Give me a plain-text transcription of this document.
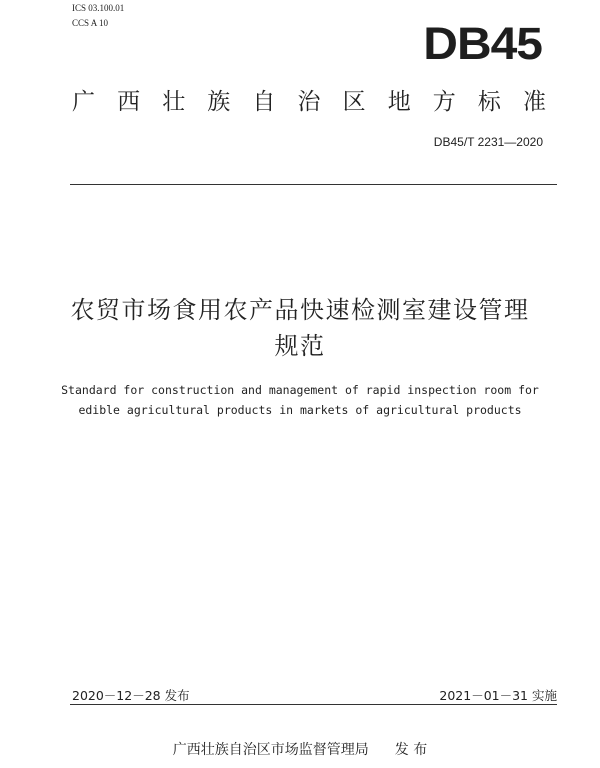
ICS 03.100.01
CCS A 10	DB45
广 西 壮 族 自 治 区 地 方 标 准
DB45/T 2231—2020
农贸市场食用农产品快速检测室建设管理
规范
Standard for construction and management of rapid inspection room for
edible agricultural products in markets of agricultural products
2020－12－28 发布	2021－01－31 实施
广西壮族自治区市场监督管理局 发 布
